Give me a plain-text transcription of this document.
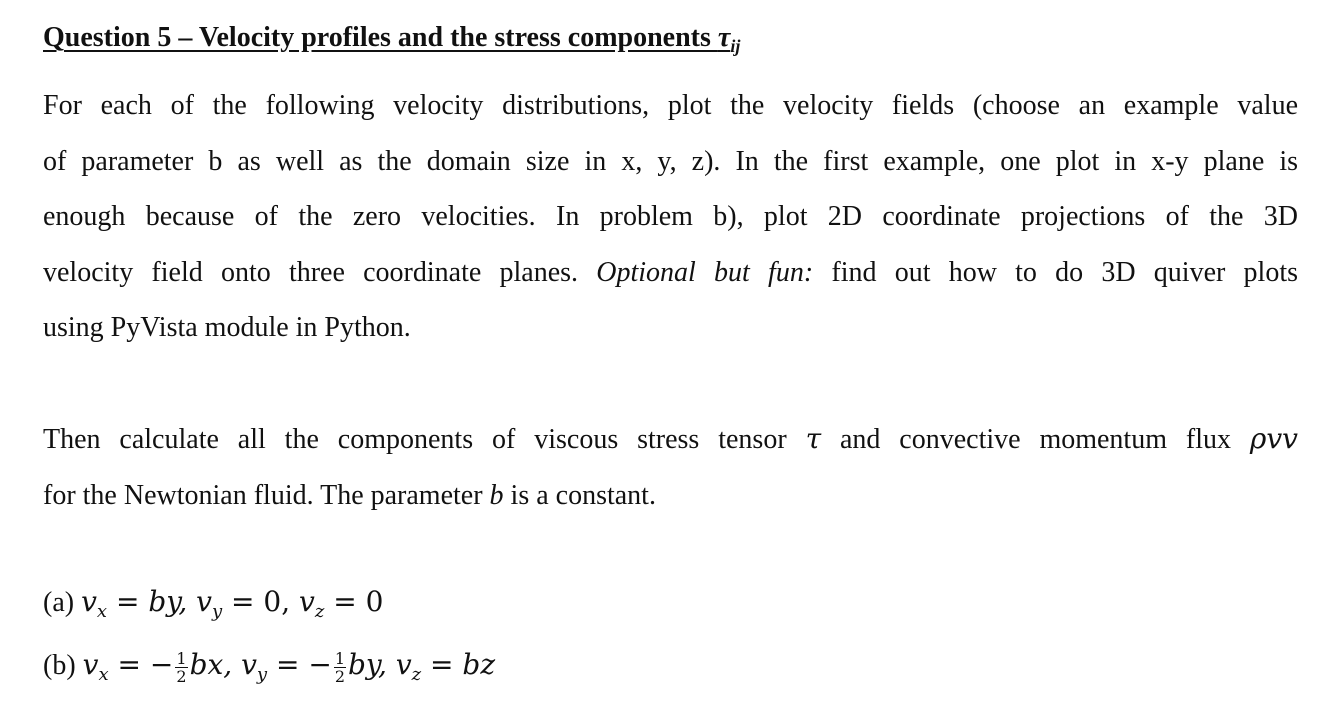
Question 5 – Velocity profiles and the stress components $\tau_{ij}$
For each of the following velocity distributions, plot the velocity fields (choose an example value
of parameter b as well as the domain size in x, y, z). In the first example, one plot in x-y plane is
enough because of the zero velocities. In problem b), plot 2D coordinate projections of the 3D
velocity field onto three coordinate planes. Optional but fun: find out how to do 3D quiver plots
using PyVista module in Python.
Then calculate all the components of viscous stress tensor τ and convective momentum flux ρvv
for the Newtonian fluid. The parameter b is a constant.
(a) $v_x$ = by, $v_y = 0$, $v_z = 0$
(b) $v_x$ = − $\frac{1}{2}$ bx, $v_y$ = − $\frac{1}{2}$ by, $v_z$ = bz
